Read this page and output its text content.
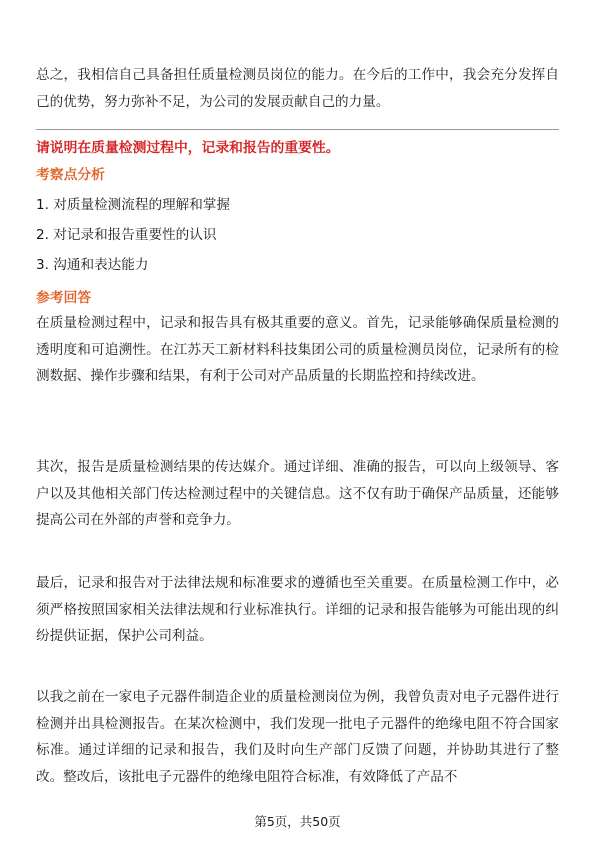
总之，我相信自己具备担任质量检测员岗位的能力。在今后的工作中，我会充分发挥自己的优势，努力弥补不足，为公司的发展贡献自己的力量。

请说明在质量检测过程中，记录和报告的重要性。
考察点分析
1. 对质量检测流程的理解和掌握
2. 对记录和报告重要性的认识
3. 沟通和表达能力
参考回答

在质量检测过程中，记录和报告具有极其重要的意义。首先，记录能够确保质量检测的透明度和可追溯性。在江苏天工新材料科技集团公司的质量检测员岗位，记录所有的检测数据、操作步骤和结果，有利于公司对产品质量的长期监控和持续改进。

其次，报告是质量检测结果的传达媒介。通过详细、准确的报告，可以向上级领导、客户以及其他相关部门传达检测过程中的关键信息。这不仅有助于确保产品质量，还能够提高公司在外部的声誉和竞争力。

最后，记录和报告对于法律法规和标准要求的遵循也至关重要。在质量检测工作中，必须严格按照国家相关法律法规和行业标准执行。详细的记录和报告能够为可能出现的纠纷提供证据，保护公司利益。

以我之前在一家电子元器件制造企业的质量检测岗位为例，我曾负责对电子元器件进行检测并出具检测报告。在某次检测中，我们发现一批电子元器件的绝缘电阻不符合国家标准。通过详细的记录和报告，我们及时向生产部门反馈了问题，并协助其进行了整改。整改后，该批电子元器件的绝缘电阻符合标准，有效降低了产品不

第5页，共50页
